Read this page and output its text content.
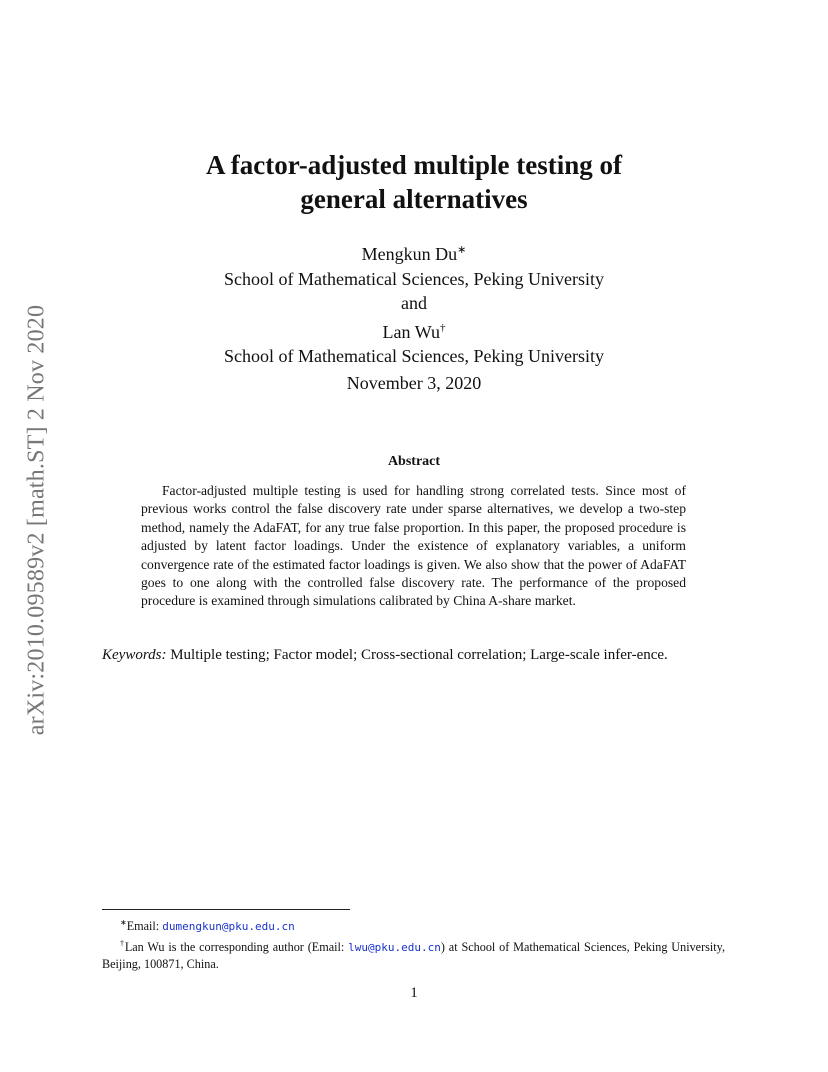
arXiv:2010.09589v2 [math.ST] 2 Nov 2020
A factor-adjusted multiple testing of
general alternatives
Mengkun Du∗
School of Mathematical Sciences, Peking University
and
Lan Wu†
School of Mathematical Sciences, Peking University
November 3, 2020
Abstract
Factor-adjusted multiple testing is used for handling strong correlated tests. Since most of previous works control the false discovery rate under sparse alternatives, we develop a two-step method, namely the AdaFAT, for any true false proportion. In this paper, the proposed procedure is adjusted by latent factor loadings. Under the existence of explanatory variables, a uniform convergence rate of the estimated factor loadings is given. We also show that the power of AdaFAT goes to one along with the controlled false discovery rate. The performance of the proposed procedure is examined through simulations calibrated by China A-share market.
Keywords: Multiple testing; Factor model; Cross-sectional correlation; Large-scale infer-ence.

∗Email: dumengkun@pku.edu.cn

†Lan Wu is the corresponding author (Email: lwu@pku.edu.cn) at School of Mathematical Sciences, Peking University, Beijing, 100871, China.

1
